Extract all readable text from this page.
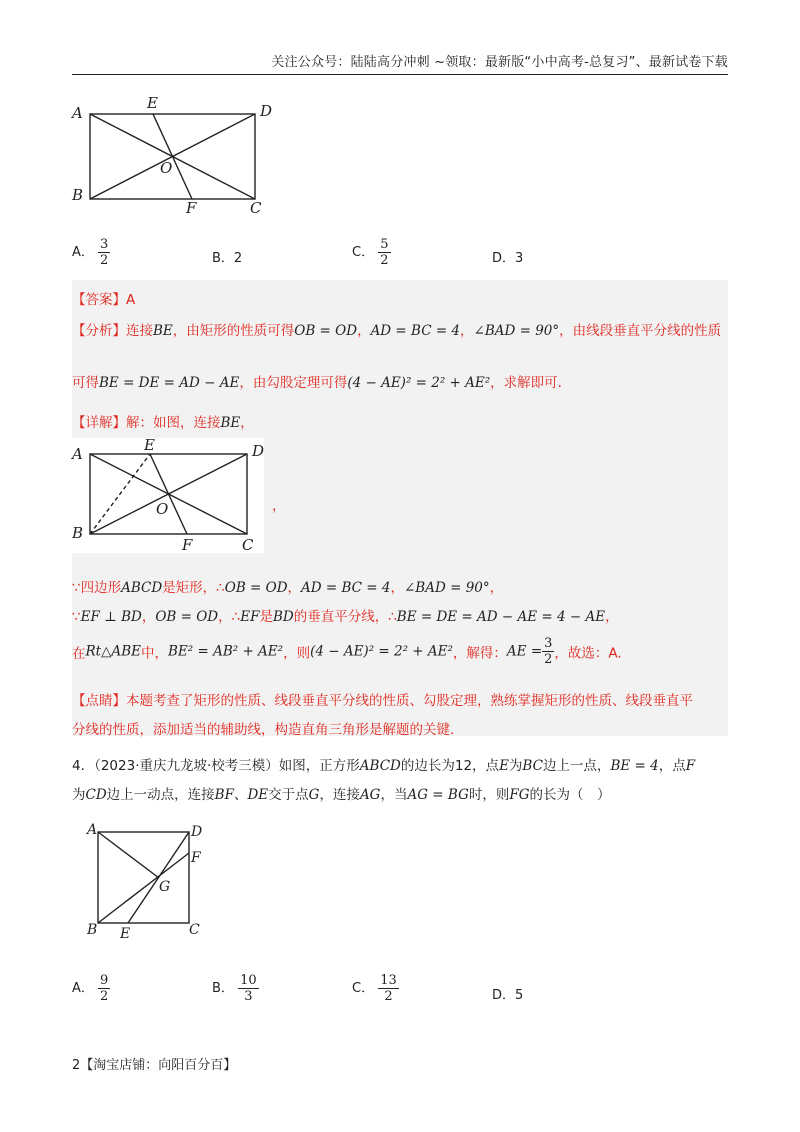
关注公众号：陆陆高分冲刺 ~领取：最新版“小中高考-总复习”、最新试卷下载
A
E	D
O
B
F	C
A． $\frac{3}{2}$	B．2	C． $\frac{5}{2}$	D．3
【答案】A
【分析】连接BE，由矩形的性质可得OB = OD，AD = BC = 4，∠BAD = 90°，由线段垂直平分线的性质
可得BE = DE = AD − AE，由勾股定理可得(4 − AE)² = 2² + AE²，求解即可.
【详解】解：如图，连接BE，
A	E	D
O
B
F	C
，
∵四边形ABCD是矩形，∴OB = OD，AD = BC = 4，∠BAD = 90°，
∵EF ⊥ BD，OB = OD，∴EF是BD的垂直平分线，∴BE = DE = AD − AE = 4 − AE，
在Rt△ABE中，BE² = AB² + AE²，则(4 − AE)² = 2² + AE²，解得：AE = $\frac{3}{2}$ ，故选：A.
【点睛】本题考查了矩形的性质、线段垂直平分线的性质、勾股定理，熟练掌握矩形的性质、线段垂直平
分线的性质，添加适当的辅助线，构造直角三角形是解题的关键.
4．（2023·重庆九龙坡·校考三模）如图，正方形ABCD的边长为12，点E为BC边上一点，BE = 4，点F
为CD边上一动点，连接BF、DE交于点G，连接AG，当AG = BG时，则FG的长为（　）
A	D
F
G
B E	C
A． $\frac{9}{2}$	B． $\frac{10}{3}$	C． $\frac{13}{2}$	D．5
2【淘宝店铺：向阳百分百】
